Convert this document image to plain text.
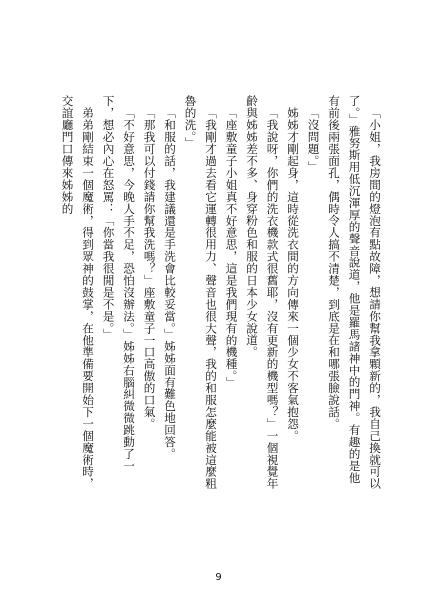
「小姐，我房間的燈泡有點故障，想請你幫我拿顆新的，我自己換就可以了。」雅努斯用低沉渾厚的聲音說道，他是羅馬諸神中的門神。有趣的是他有前後兩張面孔，偶時令人搞不清楚，到底是在和哪張臉說話。

「沒問題。」

姊姊才剛起身，這時從洗衣間的方向傳來一個少女不客氣抱怨。

「我說呀，你們的洗衣機款式很舊耶，沒有更新的機型嗎？」一個視覺年齡與姊姊差不多、身穿粉色和服的日本少女說道。

「座敷童子小姐真不好意思，這是我們現有的機種。」

「我剛才過去看它運轉很用力、聲音也很大聲，我的和服怎麼能被這麼粗魯的洗。」

「和服的話，我建議還是手洗會比較妥當。」姊姊面有難色地回答。

「那我可以付錢請你幫我洗嗎？」座敷童子一口高傲的口氣。

「不好意思，今晚人手不足，恐怕沒辦法。」姊姊右腦糾微微跳動了一下，想必內心在怒罵：「你當我很閒是不是。」

弟弟剛結束一個魔術，得到眾神的鼓掌，在他準備要開始下一個魔術時，交誼廳門口傳來姊姊的

9
